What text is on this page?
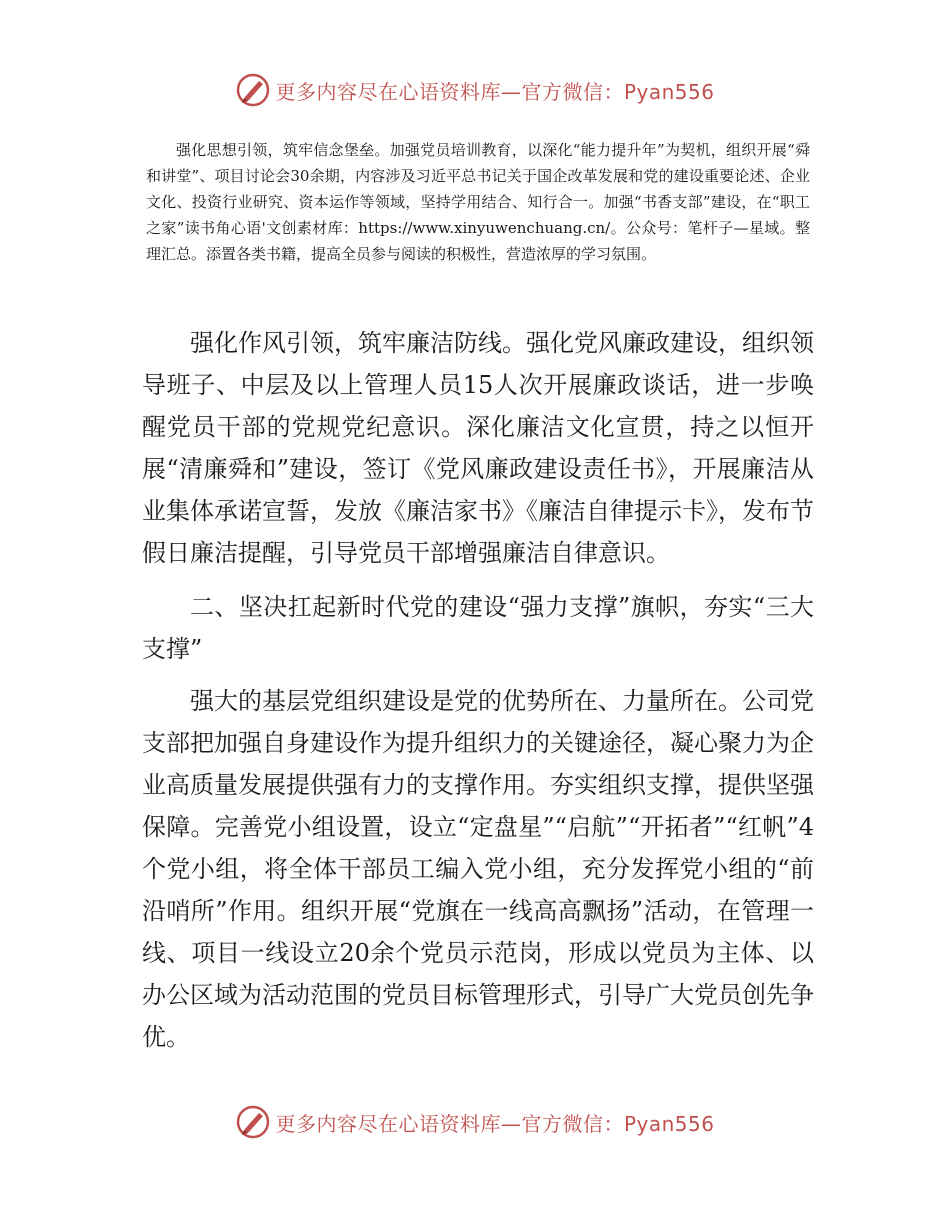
更多内容尽在心语资料库—官方微信：Pyan556

强化思想引领，筑牢信念堡垒。加强党员培训教育，以深化“能力提升年”为契机，组织开展“舜和讲堂”、项目讨论会30余期，内容涉及习近平总书记关于国企改革发展和党的建设重要论述、企业文化、投资行业研究、资本运作等领域，坚持学用结合、知行合一。加强“书香支部”建设，在“职工之家”读书角心语'文创素材库：https://www.xinyuwenchuang.cn/。公众号：笔杆子—星域。整理汇总。添置各类书籍，提高全员参与阅读的积极性，营造浓厚的学习氛围。

强化作风引领，筑牢廉洁防线。强化党风廉政建设，组织领导班子、中层及以上管理人员15人次开展廉政谈话，进一步唤醒党员干部的党规党纪意识。深化廉洁文化宣贯，持之以恒开展“清廉舜和”建设，签订《党风廉政建设责任书》，开展廉洁从业集体承诺宣誓，发放《廉洁家书》《廉洁自律提示卡》，发布节假日廉洁提醒，引导党员干部增强廉洁自律意识。

二、坚决扛起新时代党的建设“强力支撑”旗帜，夯实“三大支撑”

强大的基层党组织建设是党的优势所在、力量所在。公司党支部把加强自身建设作为提升组织力的关键途径，凝心聚力为企业高质量发展提供强有力的支撑作用。夯实组织支撑，提供坚强保障。完善党小组设置，设立“定盘星”“启航”“开拓者”“红帆”4个党小组，将全体干部员工编入党小组，充分发挥党小组的“前沿哨所”作用。组织开展“党旗在一线高高飘扬”活动，在管理一线、项目一线设立20余个党员示范岗，形成以党员为主体、以办公区域为活动范围的党员目标管理形式，引导广大党员创先争优。

更多内容尽在心语资料库—官方微信：Pyan556
